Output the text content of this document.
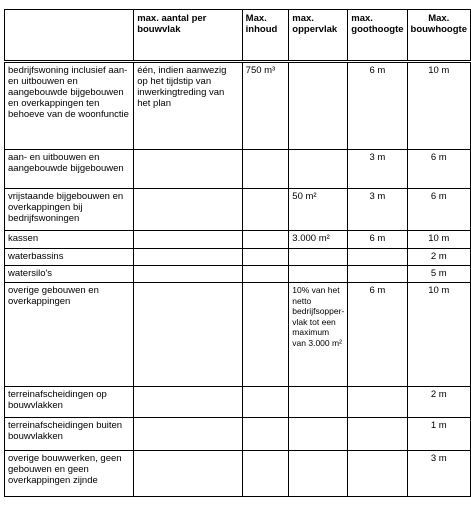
	max. aantal per bouwvlak	Max. inhoud	max. oppervlak	max. goothoogte	Max. bouwhoogte
bedrijfswoning inclusief aan- en uitbouwen en aangebouwde bijgebouwen en overkappingen ten behoeve van de woonfunctie	één, indien aanwezig op het tijdstip van inwerkingtreding van het plan	750 m³		6 m	10 m
aan- en uitbouwen en aangebouwde bijgebouwen				3 m	6 m
vrijstaande bijgebouwen en overkappingen bij bedrijfswoningen			50 m²	3 m	6 m
kassen			3.000 m²	6 m	10 m
waterbassins					2 m
watersilo's					5 m
overige gebouwen en overkappingen			10% van het netto bedrijfsoppervlak tot een maximum van 3.000 m²	6 m	10 m
terreinafscheidingen op bouwvlakken					2 m
terreinafscheidingen buiten bouwvlakken					1 m
overige bouwwerken, geen gebouwen en geen overkappingen zijnde					3 m
